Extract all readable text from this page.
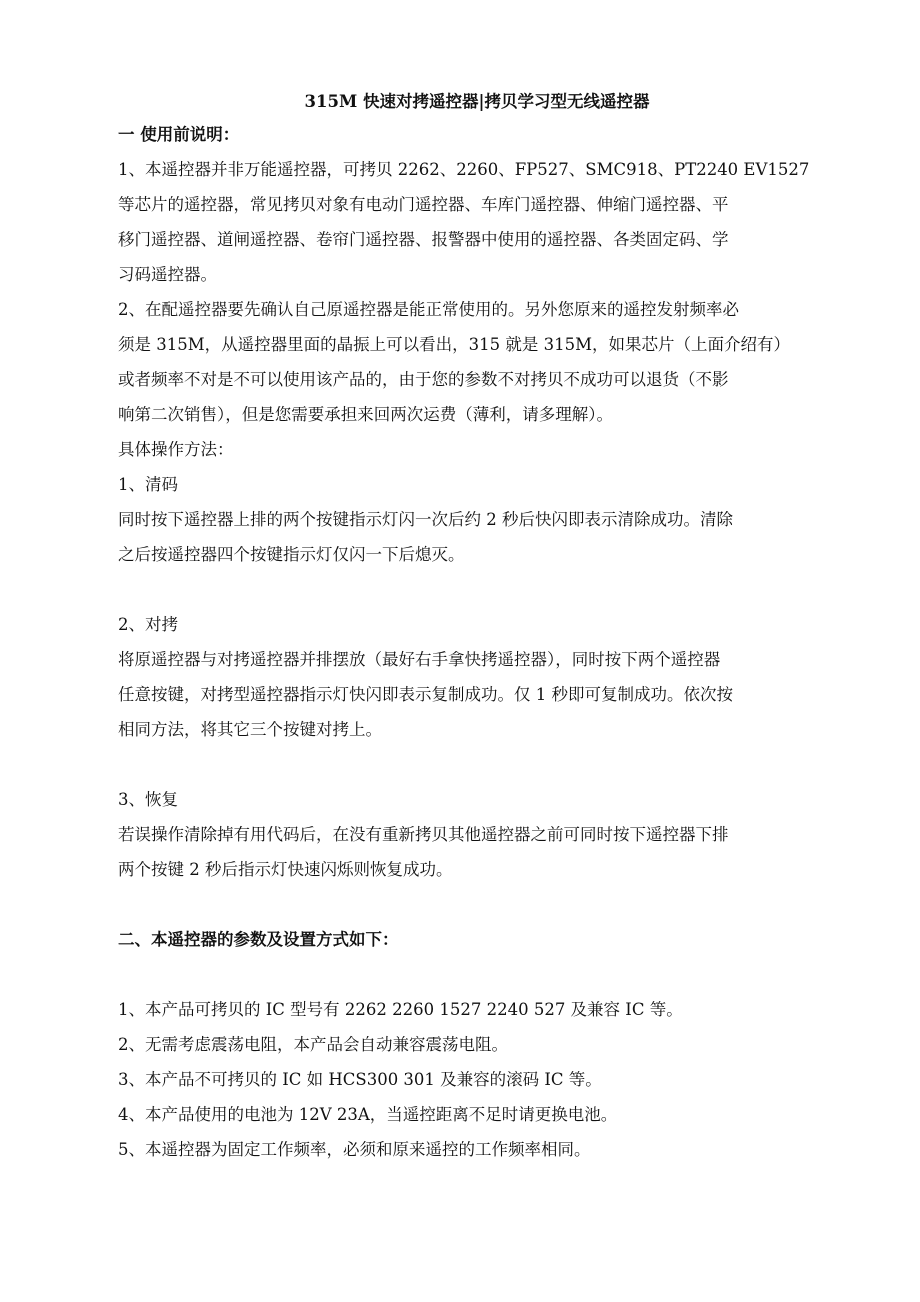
315M 快速对拷遥控器|拷贝学习型无线遥控器
一 使用前说明：
1、本遥控器并非万能遥控器，可拷贝 2262、2260、FP527、SMC918、PT2240 EV1527
等芯片的遥控器，常见拷贝对象有电动门遥控器、车库门遥控器、伸缩门遥控器、平
移门遥控器、道闸遥控器、卷帘门遥控器、报警器中使用的遥控器、各类固定码、学
习码遥控器。
2、在配遥控器要先确认自己原遥控器是能正常使用的。另外您原来的遥控发射频率必
须是 315M，从遥控器里面的晶振上可以看出，315 就是 315M，如果芯片（上面介绍有）
或者频率不对是不可以使用该产品的，由于您的参数不对拷贝不成功可以退货（不影
响第二次销售），但是您需要承担来回两次运费（薄利，请多理解）。
具体操作方法：
1、清码
同时按下遥控器上排的两个按键指示灯闪一次后约 2 秒后快闪即表示清除成功。清除
之后按遥控器四个按键指示灯仅闪一下后熄灭。
2、对拷
将原遥控器与对拷遥控器并排摆放（最好右手拿快拷遥控器），同时按下两个遥控器
任意按键，对拷型遥控器指示灯快闪即表示复制成功。仅 1 秒即可复制成功。依次按
相同方法，将其它三个按键对拷上。
3、恢复
若误操作清除掉有用代码后，在没有重新拷贝其他遥控器之前可同时按下遥控器下排
两个按键 2 秒后指示灯快速闪烁则恢复成功。
二、本遥控器的参数及设置方式如下：
1、本产品可拷贝的 IC 型号有 2262 2260 1527 2240 527 及兼容 IC 等。
2、无需考虑震荡电阻，本产品会自动兼容震荡电阻。
3、本产品不可拷贝的 IC 如 HCS300 301 及兼容的滚码 IC 等。
4、本产品使用的电池为 12V 23A，当遥控距离不足时请更换电池。
5、本遥控器为固定工作频率，必须和原来遥控的工作频率相同。
